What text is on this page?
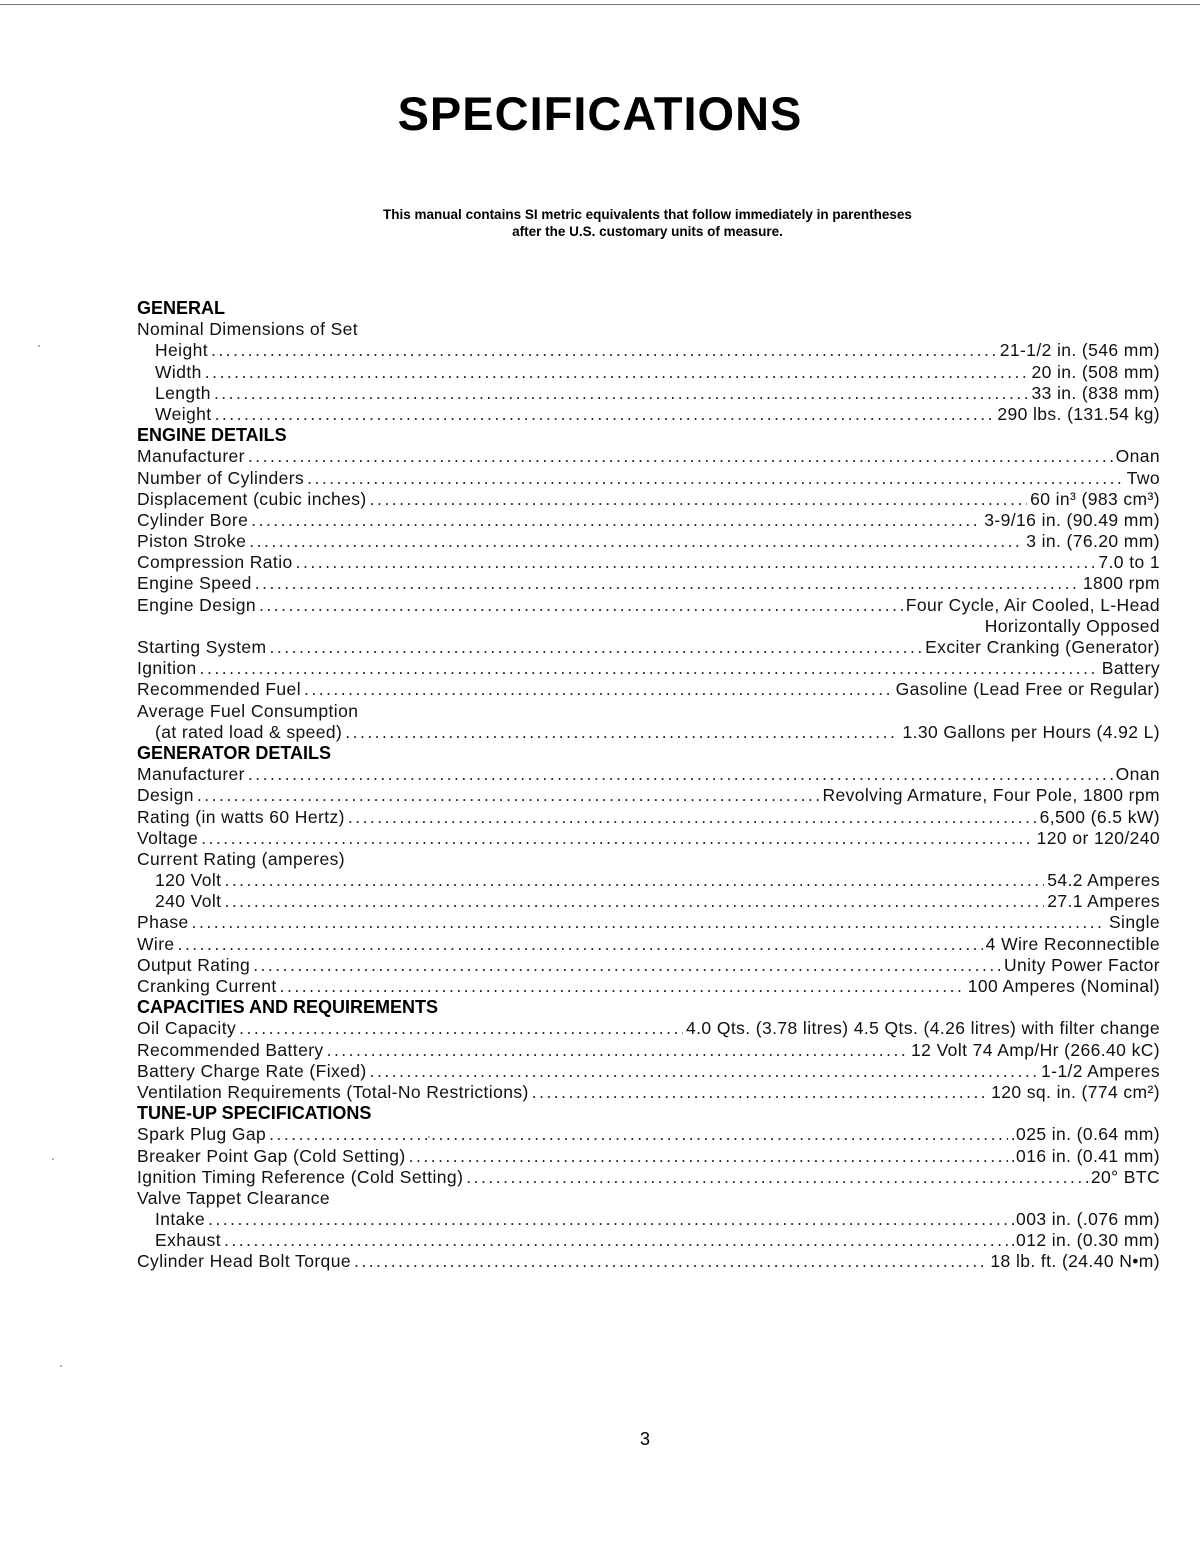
SPECIFICATIONS
This manual contains SI metric equivalents that follow immediately in parentheses
after the U.S. customary units of measure.
GENERAL
Nominal Dimensions of Set
Height .....	21-1/2 in. (546 mm)
Width .....	20 in. (508 mm)
Length .....	33 in. (838 mm)
Weight .....	290 lbs. (131.54 kg)
ENGINE DETAILS
Manufacturer .....	Onan
Number of Cylinders .....	Two
Displacement (cubic inches) .....	60 in³ (983 cm³)
Cylinder Bore .....	3-9/16 in. (90.49 mm)
Piston Stroke .....	3 in. (76.20 mm)
Compression Ratio .....	7.0 to 1
Engine Speed .....	1800 rpm
Engine Design .....	Four Cycle, Air Cooled, L-Head
Horizontally Opposed
Starting System .....	Exciter Cranking (Generator)
Ignition .....	Battery
Recommended Fuel .....	Gasoline (Lead Free or Regular)
Average Fuel Consumption
(at rated load & speed) .....	1.30 Gallons per Hours (4.92 L)
GENERATOR DETAILS
Manufacturer .....	Onan
Design .....	Revolving Armature, Four Pole, 1800 rpm
Rating (in watts 60 Hertz) .....	6,500 (6.5 kW)
Voltage .....	120 or 120/240
Current Rating (amperes)
120 Volt .....	54.2 Amperes
240 Volt .....	27.1 Amperes
Phase .....	Single
Wire .....	4 Wire Reconnectible
Output Rating .....	Unity Power Factor
Cranking Current .....	100 Amperes (Nominal)
CAPACITIES AND REQUIREMENTS
Oil Capacity .....	4.0 Qts. (3.78 litres) 4.5 Qts. (4.26 litres) with filter change
Recommended Battery .....	12 Volt 74 Amp/Hr (266.40 kC)
Battery Charge Rate (Fixed) .....	1-1/2 Amperes
Ventilation Requirements (Total-No Restrictions) .....	120 sq. in. (774 cm²)
TUNE-UP SPECIFICATIONS
Spark Plug Gap .....	.025 in. (0.64 mm)
Breaker Point Gap (Cold Setting) .....	.016 in. (0.41 mm)
Ignition Timing Reference (Cold Setting) .....	20° BTC
Valve Tappet Clearance
Intake .....	.003 in. (.076 mm)
Exhaust .....	.012 in. (0.30 mm)
Cylinder Head Bolt Torque .....	18 lb. ft. (24.40 N•m)
3
